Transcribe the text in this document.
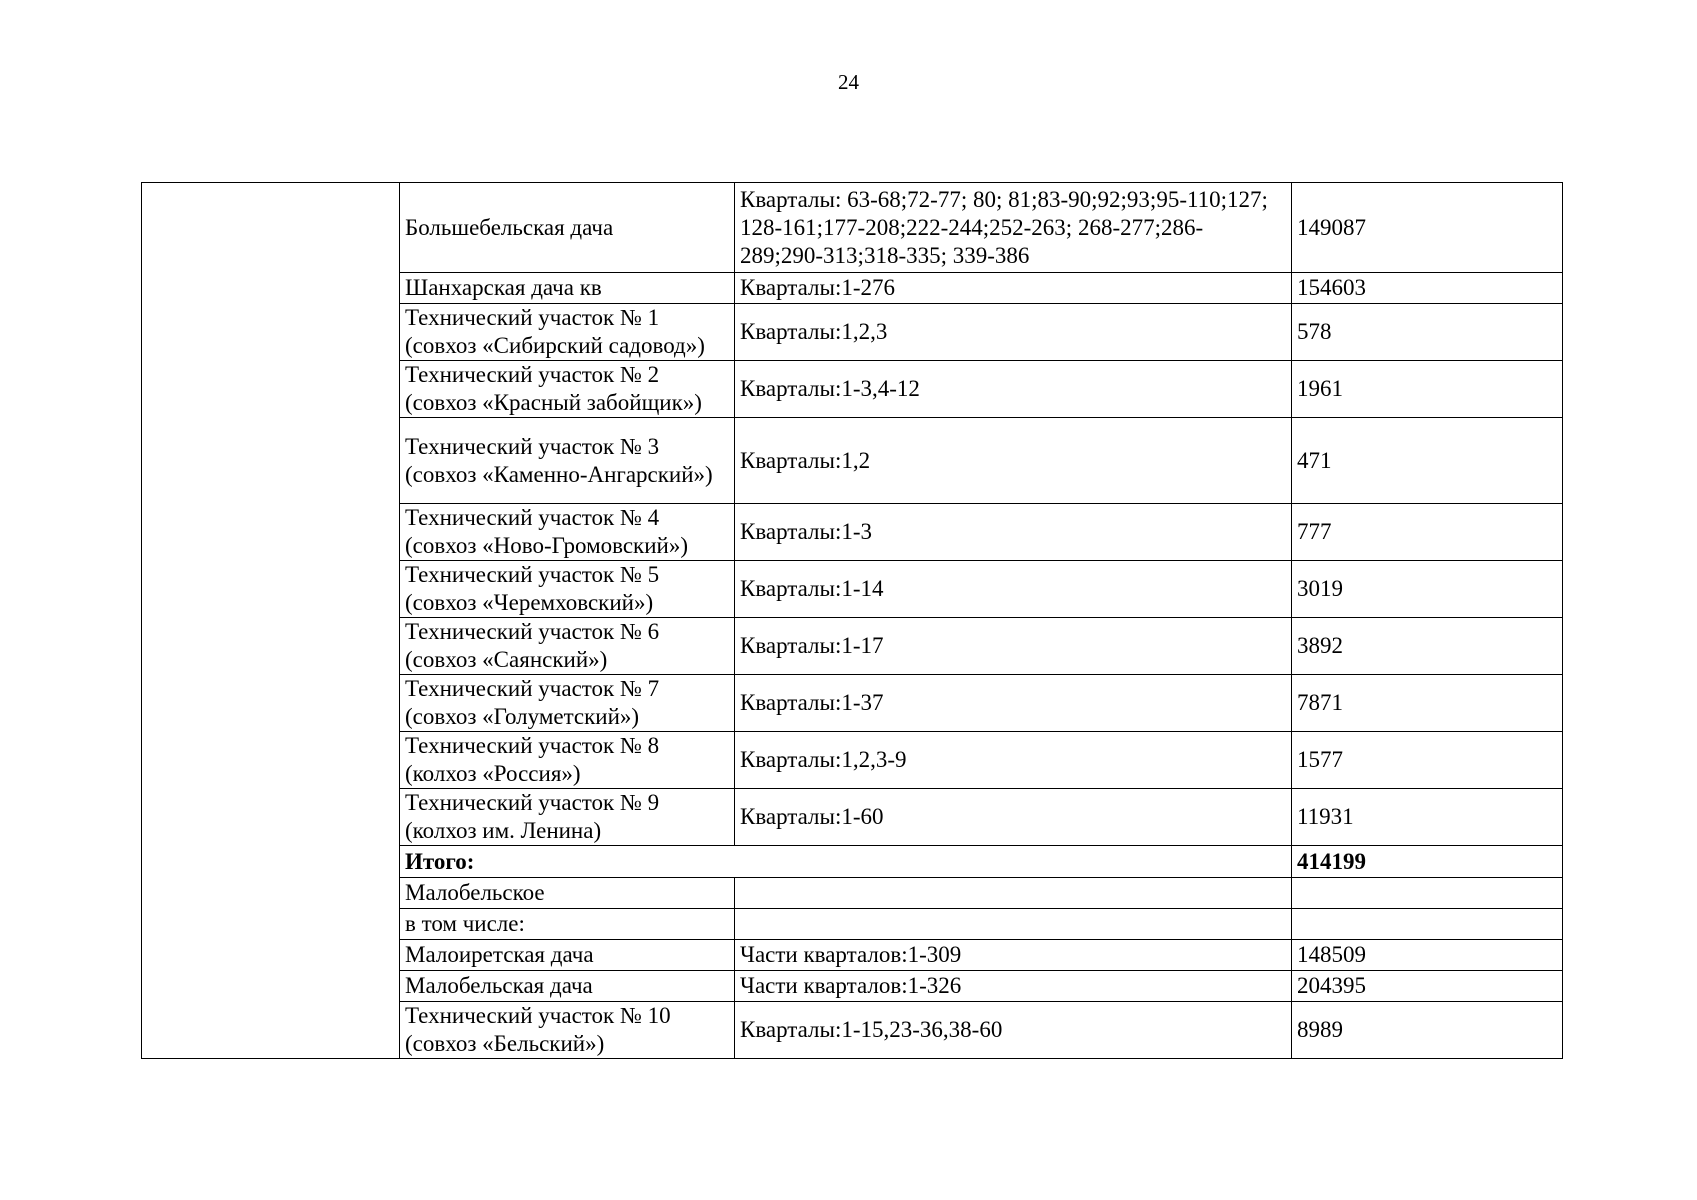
24
	Большебельская дача	Кварталы: 63-68;72-77; 80; 81;83-90;92;93;95-110;127; 128-161;177-208;222-244;252-263; 268-277;286-289;290-313;318-335; 339-386	149087
	Шанхарская дача кв	Кварталы:1-276	154603
	Технический участок № 1 (совхоз «Сибирский садовод»)	Кварталы:1,2,3	578
	Технический участок № 2 (совхоз «Красный забойщик»)	Кварталы:1-3,4-12	1961
	Технический участок № 3 (совхоз «Каменно-Ангарский»)	Кварталы:1,2	471
	Технический участок № 4 (совхоз «Ново-Громовский»)	Кварталы:1-3	777
	Технический участок № 5 (совхоз «Черемховский»)	Кварталы:1-14	3019
	Технический участок № 6 (совхоз «Саянский»)	Кварталы:1-17	3892
	Технический участок № 7 (совхоз «Голуметский»)	Кварталы:1-37	7871
	Технический участок № 8 (колхоз «Россия»)	Кварталы:1,2,3-9	1577
	Технический участок № 9 (колхоз им. Ленина)	Кварталы:1-60	11931
	Итого:		414199
	Малобельское		
	в том числе:		
	Малоиретская дача	Части кварталов:1-309	148509
	Малобельская дача	Части кварталов:1-326	204395
	Технический участок № 10 (совхоз «Бельский»)	Кварталы:1-15,23-36,38-60	8989
